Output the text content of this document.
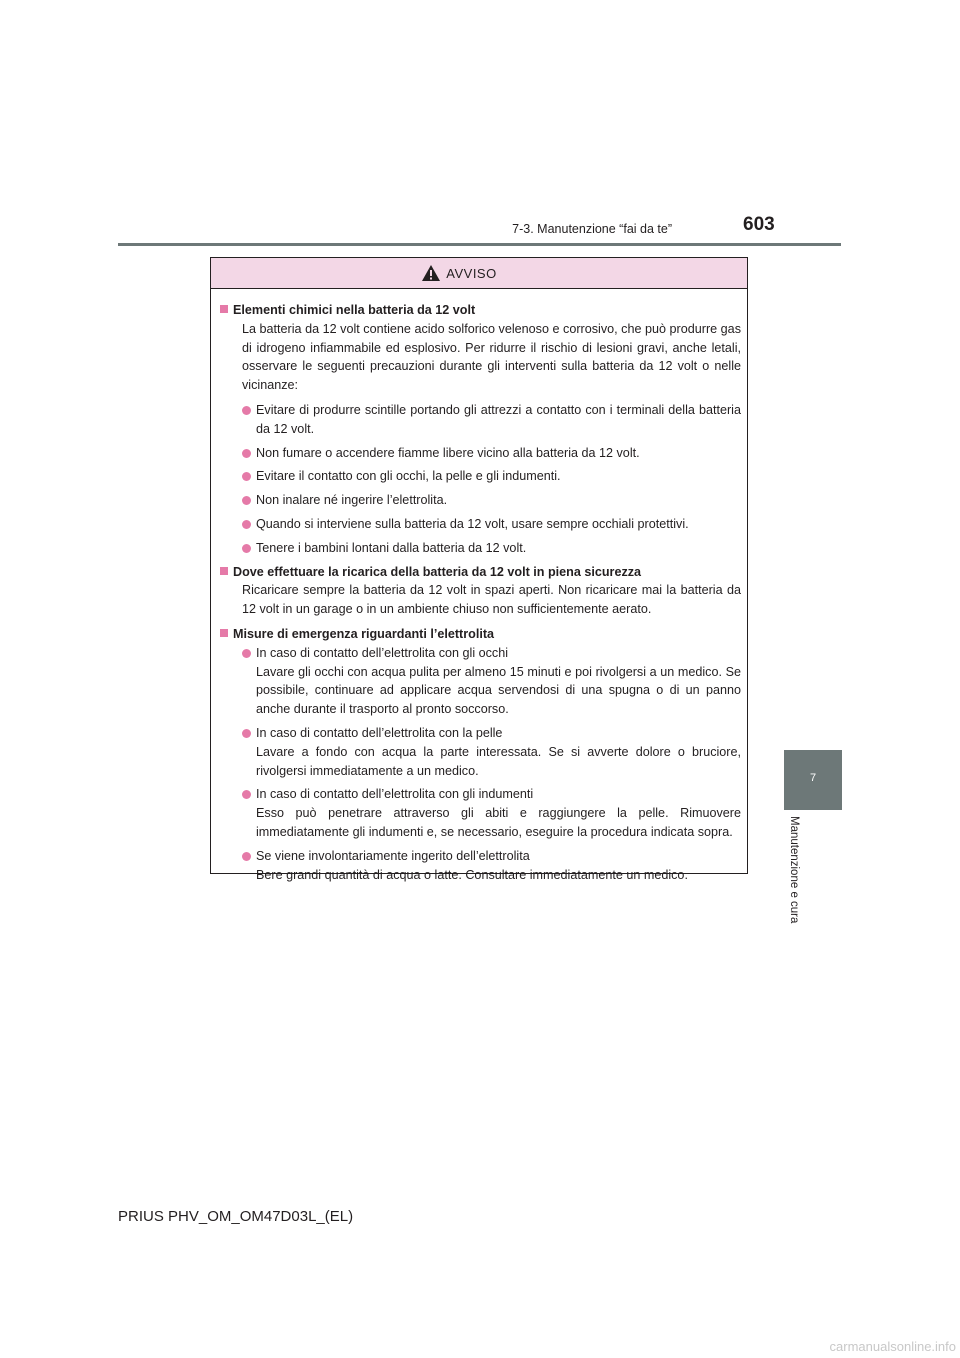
7-3. Manutenzione “fai da te”	603
7
Manutenzione e cura
AVVISO
Elementi chimici nella batteria da 12 volt
La batteria da 12 volt contiene acido solforico velenoso e corrosivo, che può produrre gas di idrogeno infiammabile ed esplosivo. Per ridurre il rischio di lesioni gravi, anche letali, osservare le seguenti precauzioni durante gli interventi sulla batteria da 12 volt o nelle vicinanze:
Evitare di produrre scintille portando gli attrezzi a contatto con i terminali della batteria da 12 volt.
Non fumare o accendere fiamme libere vicino alla batteria da 12 volt.
Evitare il contatto con gli occhi, la pelle e gli indumenti.
Non inalare né ingerire l’elettrolita.
Quando si interviene sulla batteria da 12 volt, usare sempre occhiali protettivi.
Tenere i bambini lontani dalla batteria da 12 volt.
Dove effettuare la ricarica della batteria da 12 volt in piena sicurezza
Ricaricare sempre la batteria da 12 volt in spazi aperti. Non ricaricare mai la batteria da 12 volt in un garage o in un ambiente chiuso non sufficientemente aerato.
Misure di emergenza riguardanti l’elettrolita
In caso di contatto dell’elettrolita con gli occhi
Lavare gli occhi con acqua pulita per almeno 15 minuti e poi rivolgersi a un medico. Se possibile, continuare ad applicare acqua servendosi di una spugna o di un panno anche durante il trasporto al pronto soccorso.
In caso di contatto dell’elettrolita con la pelle
Lavare a fondo con acqua la parte interessata. Se si avverte dolore o bruciore, rivolgersi immediatamente a un medico.
In caso di contatto dell’elettrolita con gli indumenti
Esso può penetrare attraverso gli abiti e raggiungere la pelle. Rimuovere immediatamente gli indumenti e, se necessario, eseguire la procedura indicata sopra.
Se viene involontariamente ingerito dell’elettrolita
Bere grandi quantità di acqua o latte. Consultare immediatamente un medico.
PRIUS PHV_OM_OM47D03L_(EL)
carmanualsonline.info
